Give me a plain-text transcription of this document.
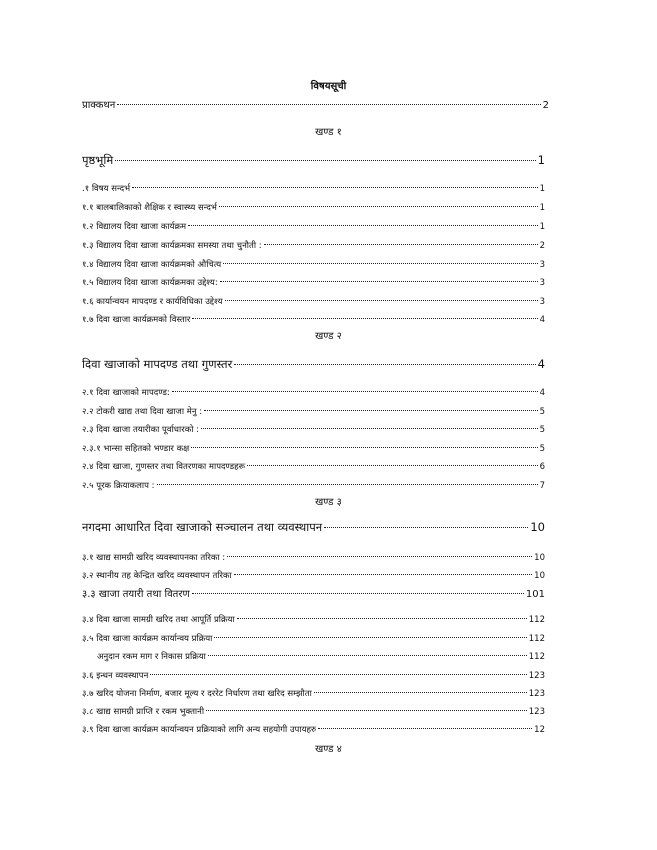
विषयसूची
प्राक्कथन	2
खण्ड १
पृष्ठभूमि	1
.१ विषय सन्दर्भ	1
१.१ बालबालिकाको शैक्षिक र स्वास्थ्य सन्दर्भ	1
१.२ विद्यालय दिवा खाजा कार्यक्रम	1
१.३ विद्यालय दिवा खाजा कार्यक्रमका समस्या तथा चुनौती :	2
१.४ विद्यालय दिवा खाजा कार्यक्रमको औचित्य	3
१.५ विद्यालय दिवा खाजा कार्यक्रमका उद्देश्य:	3
१.६ कार्यान्वयन मापदण्ड र कार्यविधिका उद्देश्य	3
१.७ दिवा खाजा कार्यक्रमको विस्तार	4
खण्ड २
दिवा खाजाको मापदण्ड तथा गुणस्तर	4
२.१ दिवा खाजाको मापदण्ड:	4
२.२ टोकरी खाद्य तथा दिवा खाजा मेनु :	5
२.३ दिवा खाजा तयारीका पूर्वाधारको :	5
२.३.१ भान्सा सहितको भण्डार कक्ष	5
२.४ दिवा खाजा, गुणस्तर तथा वितरणका मापदण्डहरू	6
२.५ पूरक क्रियाकलाप :	7
खण्ड ३
नगदमा आधारित दिवा खाजाको सञ्चालन तथा व्यवस्थापन	10
३.१ खाद्य सामग्री खरिद व्यवस्थापनका तरिका :	10
३.२ स्थानीय तह केन्द्रित खरिद व्यवस्थापन तरिका	10
३.३ खाजा तयारी तथा वितरण	101
३.४ दिवा खाजा सामग्री खरिद तथा आपूर्ति प्रक्रिया	112
३.५ दिवा खाजा कार्यक्रम कार्यान्वय प्रक्रिया	112
अनुदान रकम माग र निकास प्रक्रिया	112
३.६ इन्धन व्यवस्थापन	123
३.७ खरिद योजना निर्माण, बजार मूल्य र दररेट निर्धारण तथा खरिद सम्झौता	123
३.८ खाद्य सामग्री प्राप्ति र रकम भुक्तानी	123
३.९ दिवा खाजा कार्यक्रम कार्यान्वयन प्रक्रियाको लागि अन्य सहयोगी उपायहरु	12
खण्ड ४
